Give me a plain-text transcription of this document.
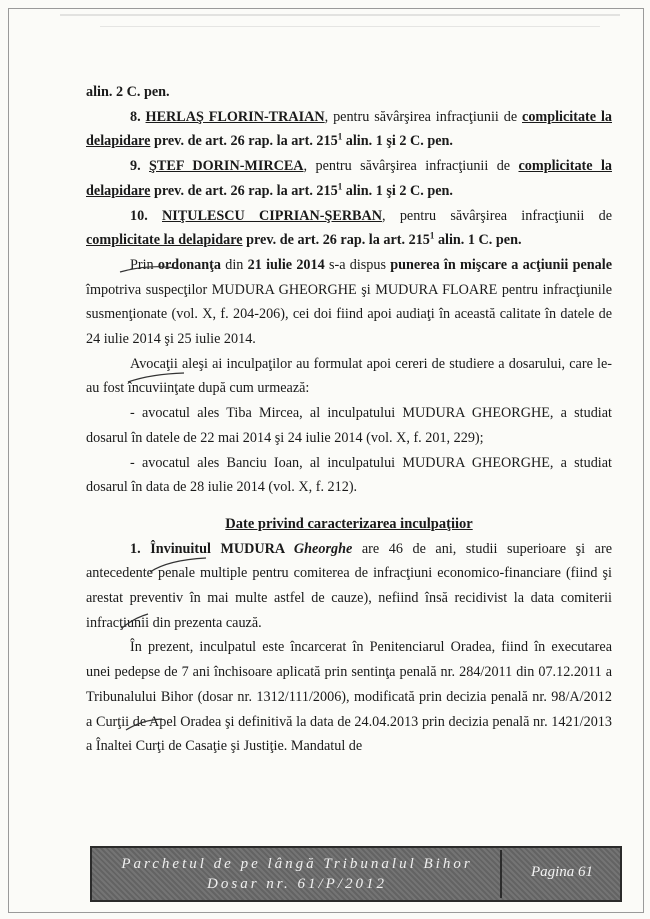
alin. 2 C. pen.

8. HERLAŞ FLORIN-TRAIAN, pentru săvârşirea infracţiunii de complicitate la delapidare prev. de art. 26 rap. la art. $215^1$ alin. 1 şi 2 C. pen.

9. ŞTEF DORIN-MIRCEA, pentru săvârşirea infracţiunii de complicitate la delapidare prev. de art. 26 rap. la art. $215^1$ alin. 1 şi 2 C. pen.

10. NIŢULESCU CIPRIAN-ŞERBAN, pentru săvârşirea infracţiunii de complicitate la delapidare prev. de art. 26 rap. la art. $215^1$ alin. 1 C. pen.

Prin ordonanţa din 21 iulie 2014 s-a dispus punerea în mişcare a acţiunii penale împotriva suspecţilor MUDURA GHEORGHE şi MUDURA FLOARE pentru infracţiunile susmenţionate (vol. X, f. 204-206), cei doi fiind apoi audiaţi în această calitate în datele de 24 iulie 2014 şi 25 iulie 2014.

Avocaţii aleşi ai inculpaţilor au formulat apoi cereri de studiere a dosarului, care le-au fost încuviinţate după cum urmează:

- avocatul ales Tiba Mircea, al inculpatului MUDURA GHEORGHE, a studiat dosarul în datele de 22 mai 2014 şi 24 iulie 2014 (vol. X, f. 201, 229);

- avocatul ales Banciu Ioan, al inculpatului MUDURA GHEORGHE, a studiat dosarul în data de 28 iulie 2014 (vol. X, f. 212).

Date privind caracterizarea inculpaţiior

1. Învinuitul MUDURA Gheorghe are 46 de ani, studii superioare şi are antecedente penale multiple pentru comiterea de infracţiuni economico-financiare (fiind şi arestat preventiv în mai multe astfel de cauze), nefiind însă recidivist la data comiterii infracţiunii din prezenta cauză.

În prezent, inculpatul este încarcerat în Penitenciarul Oradea, fiind în executarea unei pedepse de 7 ani închisoare aplicată prin sentinţa penală nr. 284/2011 din 07.12.2011 a Tribunalului Bihor (dosar nr. 1312/111/2006), modificată prin decizia penală nr. 98/A/2012 a Curţii de Apel Oradea şi definitivă la data de 24.04.2013 prin decizia penală nr. 1421/2013 a Înaltei Curţi de Casaţie şi Justiţie. Mandatul de

Parchetul de pe lângă Tribunalul Bihor
Dosar nr. 61/P/2012
Pagina 61
